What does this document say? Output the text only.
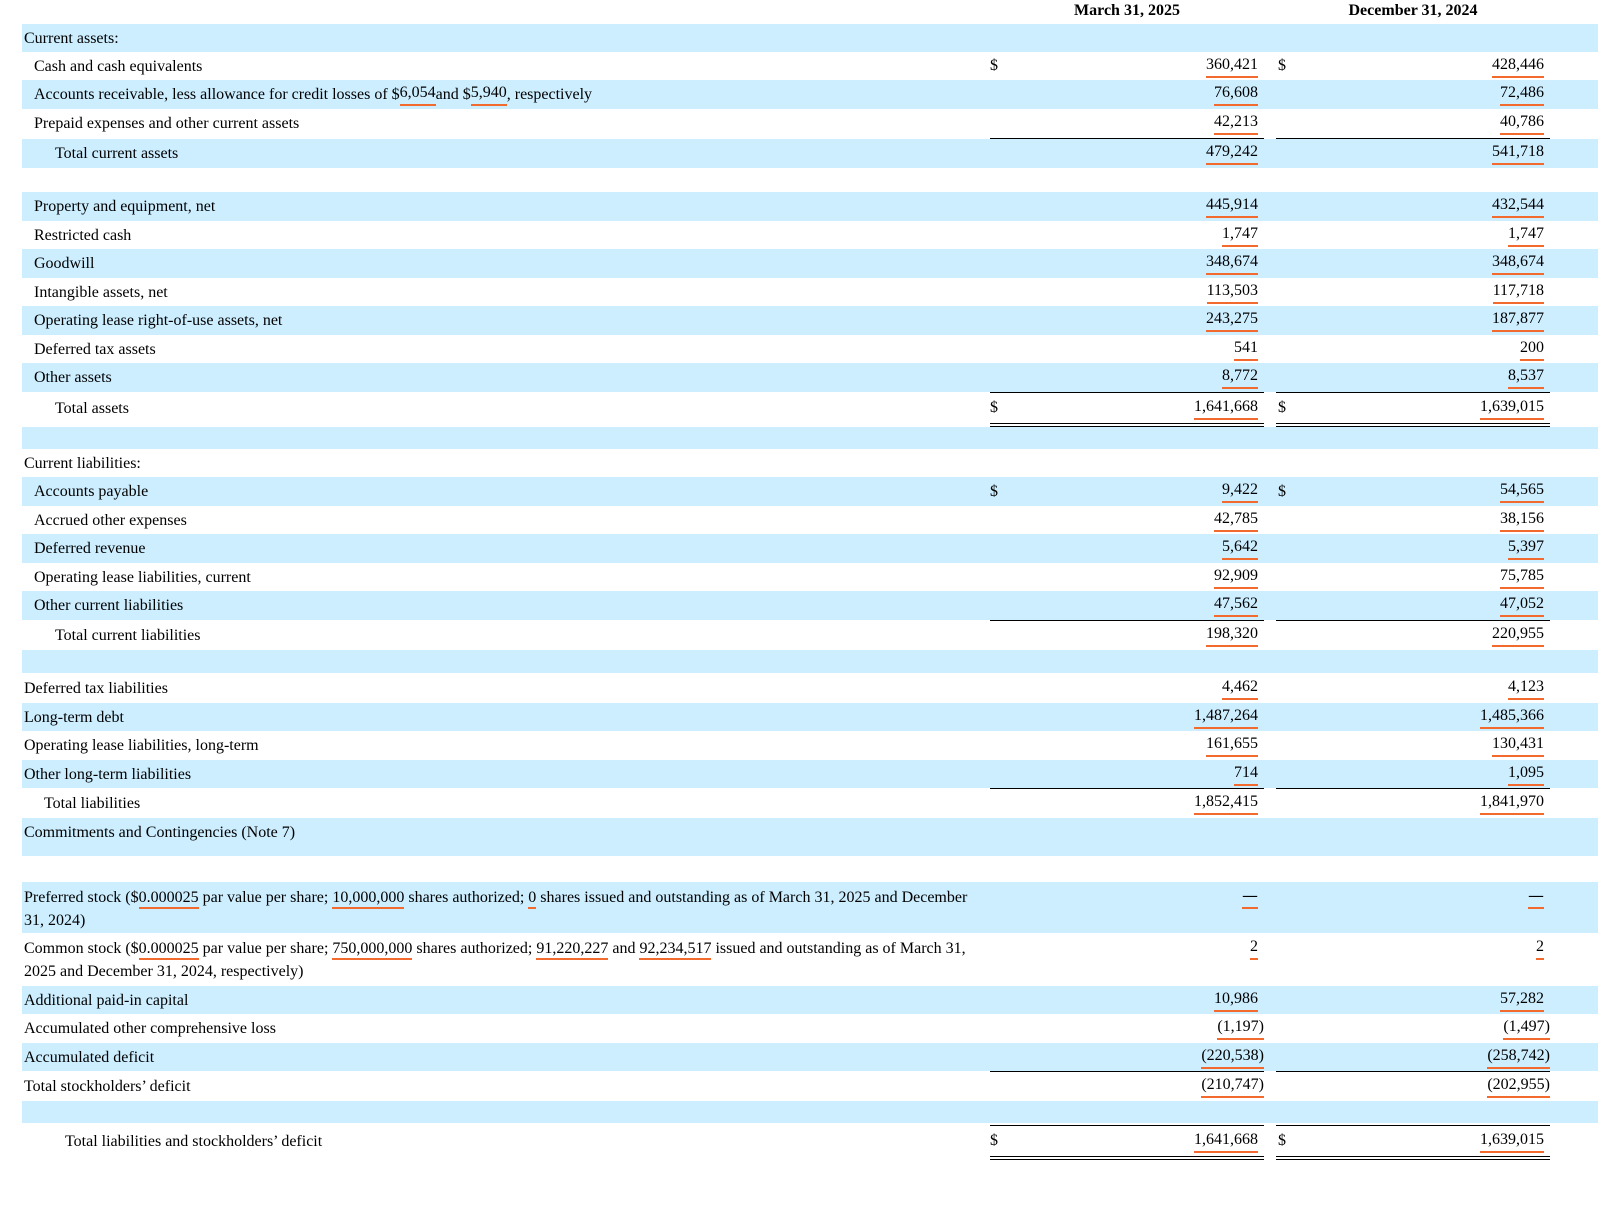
March 31, 2025	December 31, 2024
Current assets:
Cash and cash equivalents	$	360,421 $	428,446
Accounts receivable, less allowance for credit losses of $ 6,054 and $ 5,940 , respectively	76,608	72,486
Prepaid expenses and other current assets	42,213	40,786
Total current assets	479,242	541,718
Property and equipment, net	445,914	432,544
Restricted cash	1,747	1,747
Goodwill	348,674	348,674
Intangible assets, net	113,503	117,718
Operating lease right-of-use assets, net	243,275	187,877
Deferred tax assets	541	200
Other assets	8,772	8,537
Total assets	$	1,641,668 $	1,639,015
Current liabilities:
Accounts payable	$	9,422 $	54,565
Accrued other expenses	42,785	38,156
Deferred revenue	5,642	5,397
Operating lease liabilities, current	92,909	75,785
Other current liabilities	47,562	47,052
Total current liabilities	198,320	220,955
Deferred tax liabilities	4,462	4,123
Long-term debt	1,487,264	1,485,366
Operating lease liabilities, long-term	161,655	130,431
Other long-term liabilities	714	1,095
Total liabilities	1,852,415	1,841,970
Commitments and Contingencies (Note 7)
Preferred stock ($0.000025 par value per share; 10,000,000 shares authorized; 0 shares issued and outstanding as of March 31, 2025 and December 31, 2024)
—	—
Common stock ($0.000025 par value per share; 750,000,000 shares authorized; 91,220,227 and 92,234,517 issued and outstanding as of March 31, 2025 and December 31, 2024, respectively)
2	2
Additional paid-in capital	10,986	57,282
Accumulated other comprehensive loss	(1,197)	(1,497)
Accumulated deficit	(220,538)	(258,742)
Total stockholders’ deficit	(210,747)	(202,955)
Total liabilities and stockholders’ deficit	$	1,641,668 $	1,639,015
